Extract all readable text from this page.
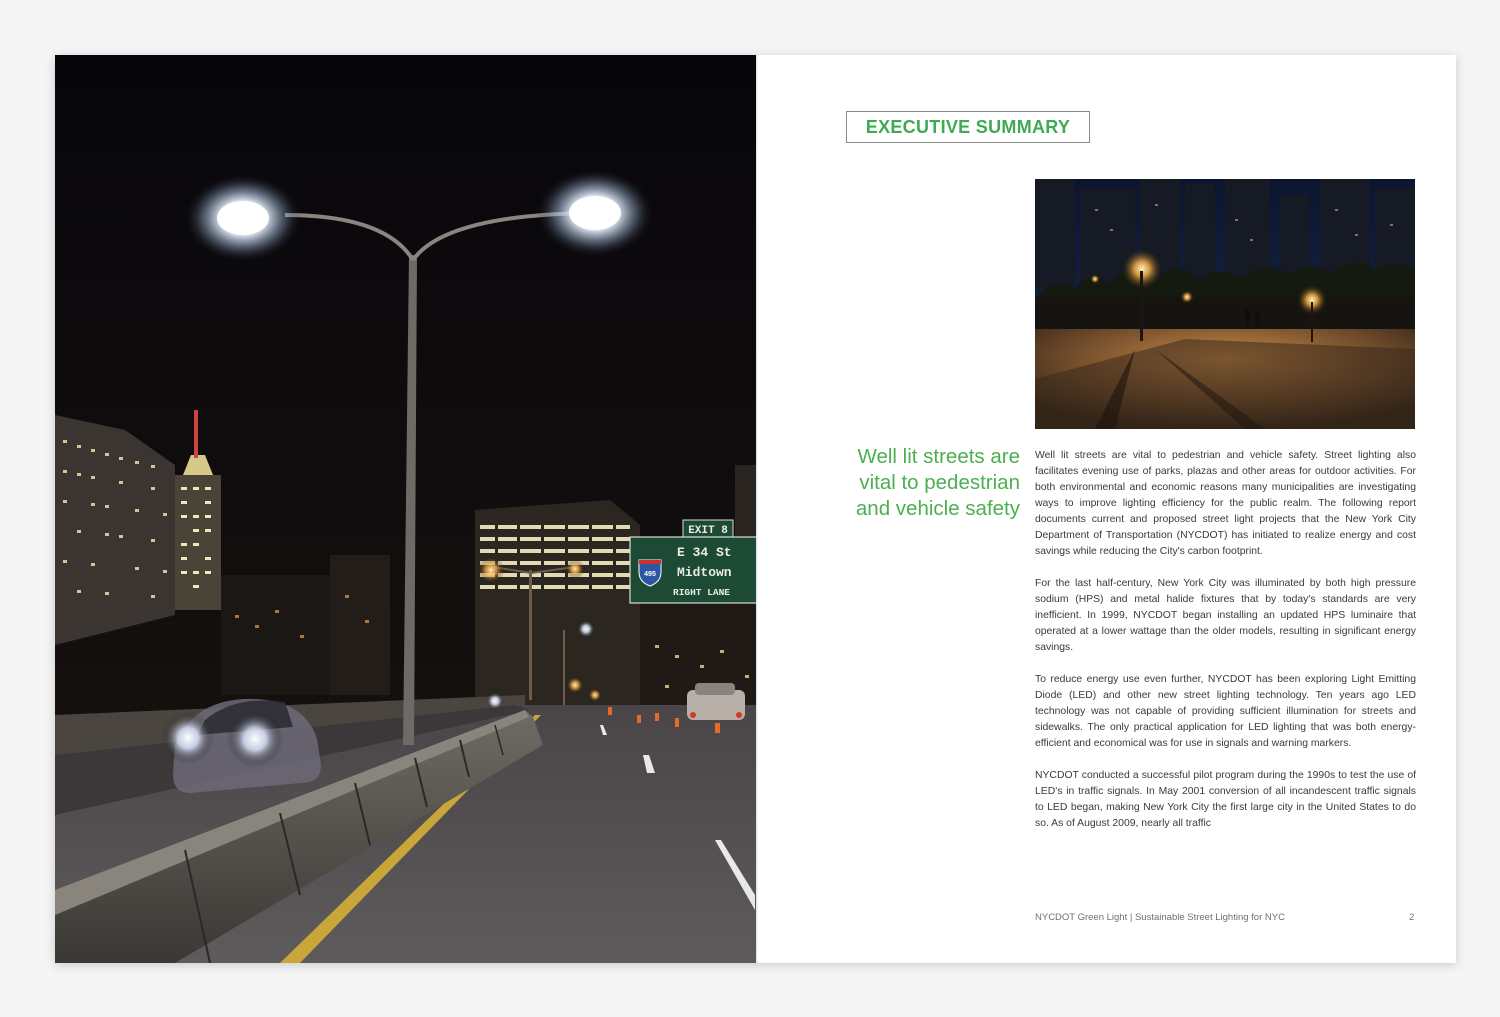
EXIT 8
E 34 St
495 Midtown
RIGHT LANE
EXECUTIVE SUMMARY
Well lit streets are vital to pedestrian and vehicle safety

Well lit streets are vital to pedestrian and vehicle safety. Street lighting also facilitates evening use of parks, plazas and other areas for outdoor activities. For both environmental and economic reasons many municipalities are investigating ways to improve lighting efficiency for the public realm. The following report documents current and proposed street light projects that the New York City Department of Transportation (NYCDOT) has initiated to realize energy and cost savings while reducing the City's carbon footprint.

For the last half-century, New York City was illuminated by both high pressure sodium (HPS) and metal halide fixtures that by today's standards are very inefficient. In 1999, NYCDOT began installing an updated HPS luminaire that operated at a lower wattage than the older models, resulting in significant energy savings.

To reduce energy use even further, NYCDOT has been exploring Light Emitting Diode (LED) and other new street lighting technology. Ten years ago LED technology was not capable of providing sufficient illumination for streets and sidewalks. The only practical application for LED lighting that was both energy-efficient and economical was for use in signals and warning markers.

NYCDOT conducted a successful pilot program during the 1990s to test the use of LED's in traffic signals. In May 2001 conversion of all incandescent traffic signals to LED began, making New York City the first large city in the United States to do so. As of August 2009, nearly all traffic

NYCDOT Green Light | Sustainable Street Lighting for NYC	2
